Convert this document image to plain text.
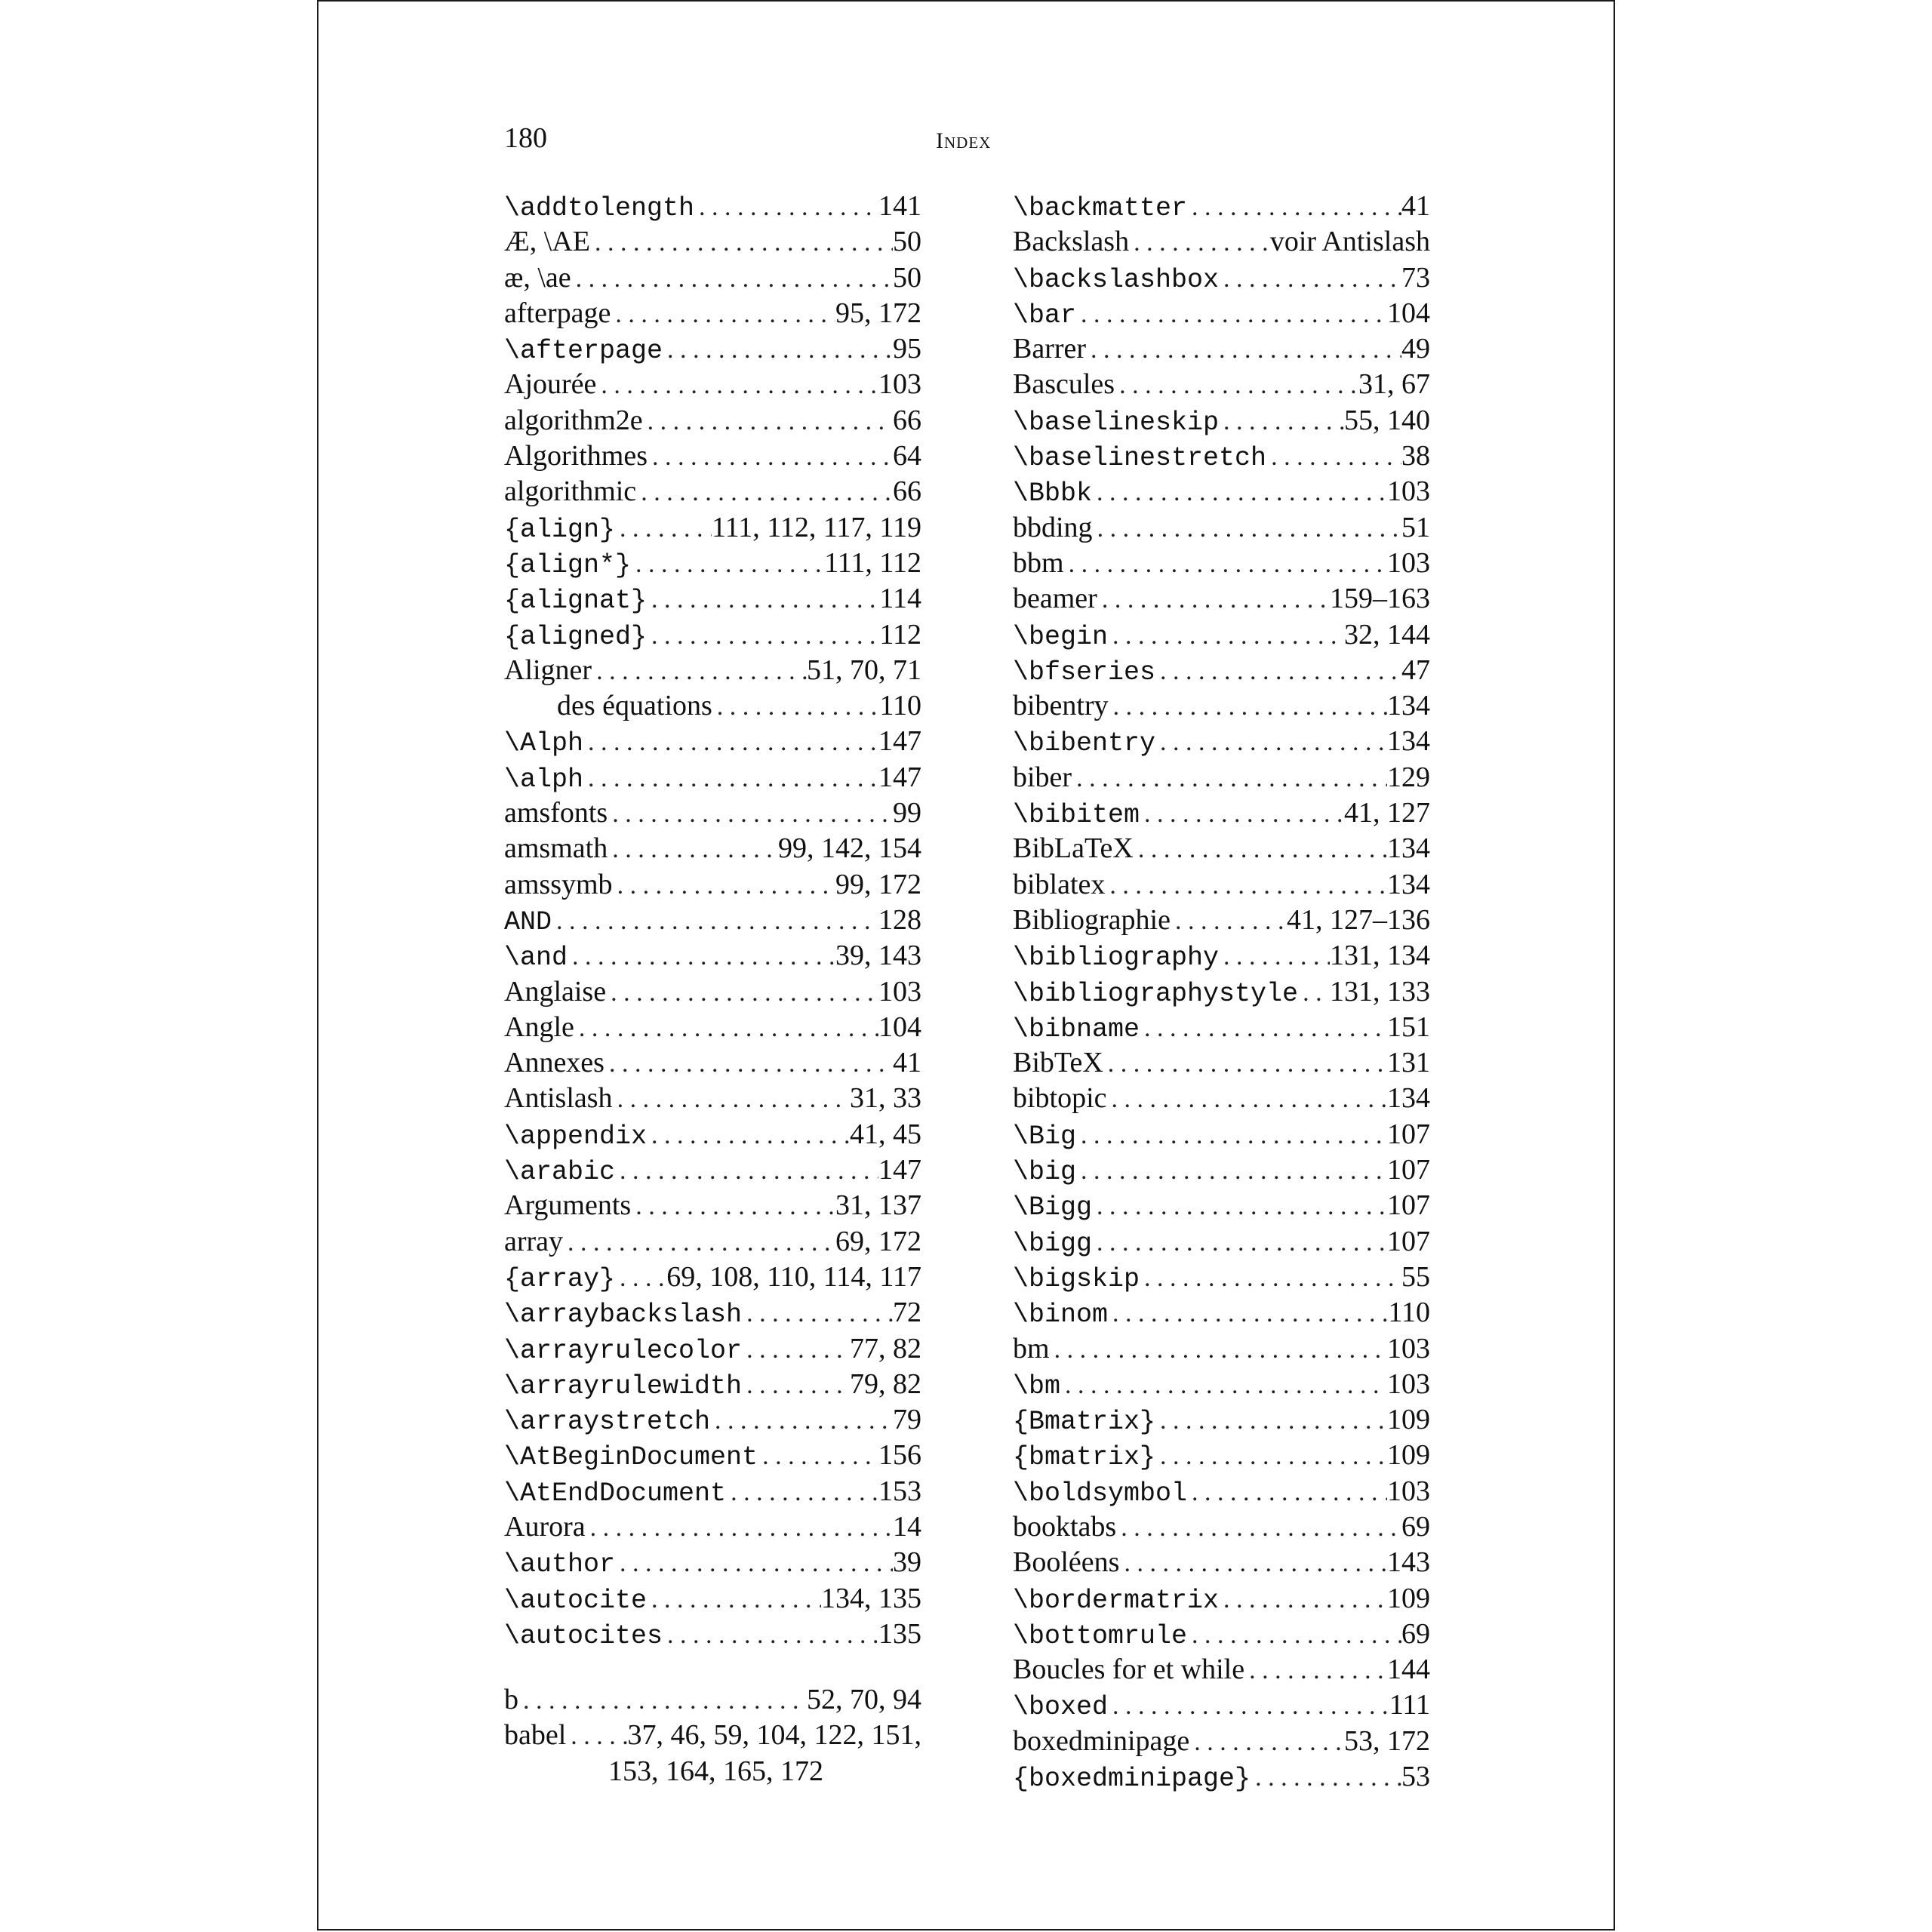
180	Index
\addtolength . . .	141
Æ, \AE . . .	50
æ, \ae . . .	50
afterpage . . .	95, 172
\afterpage . . .	95
Ajourée . . .	103
algorithm2e . . .	66
Algorithmes . . .	64
algorithmic . . .	66
{align} . . .	111, 112, 117, 119
{align*} . . .	111, 112
{alignat} . . .	114
{aligned} . . .	112
Aligner . . .	51, 70, 71
des équations . . .	110
\Alph . . .	147
\alph . . .	147
amsfonts . . .	99
amsmath . . .	99, 142, 154
amssymb . . .	99, 172
AND . . .	128
\and . . .	39, 143
Anglaise . . .	103
Angle . . .	104
Annexes . . .	41
Antislash . . .	31, 33
\appendix . . .	41, 45
\arabic . . .	147
Arguments . . .	31, 137
array . . .	69, 172
{array} . . . 69, 108, 110, 114, 117
\arraybackslash . . .	72
\arrayrulecolor . . .	77, 82
\arrayrulewidth . . .	79, 82
\arraystretch . . .	79
\AtBeginDocument . . .	156
\AtEndDocument . . .	153
Aurora . . .	14
\author . . .	39
\autocite . . .	134, 135
\autocites . . .	135
b . . .	52, 70, 94
babel . . . 37, 46, 59, 104, 122, 151,
153, 164, 165, 172
\backmatter . . .	41
Backslash . . .	voir Antislash
\backslashbox . . .	73
\bar . . .	104
Barrer . . .	49
Bascules . . .	31, 67
\baselineskip . . .	55, 140
\baselinestretch . . .	38
\Bbbk . . .	103
bbding . . .	51
bbm . . .	103
beamer . . .	159–163
\begin . . .	32, 144
\bfseries . . .	47
bibentry . . .	134
\bibentry . . .	134
biber . . .	129
\bibitem . . .	41, 127
BibLaTeX . . .	134
biblatex . . .	134
Bibliographie . . .	41, 127–136
\bibliography . . .	131, 134
\bibliographystyle . . . 131, 133
\bibname . . .	151
BibTeX . . .	131
bibtopic . . .	134
\Big . . .	107
\big . . .	107
\Bigg . . .	107
\bigg . . .	107
\bigskip . . .	55
\binom . . .	110
bm . . .	103
\bm . . .	103
{Bmatrix} . . .	109
{bmatrix} . . .	109
\boldsymbol . . .	103
booktabs . . .	69
Booléens . . .	143
\bordermatrix . . .	109
\bottomrule . . .	69
Boucles for et while . . .	144
\boxed . . .	111
boxedminipage . . .	53, 172
{boxedminipage} . . .	53
